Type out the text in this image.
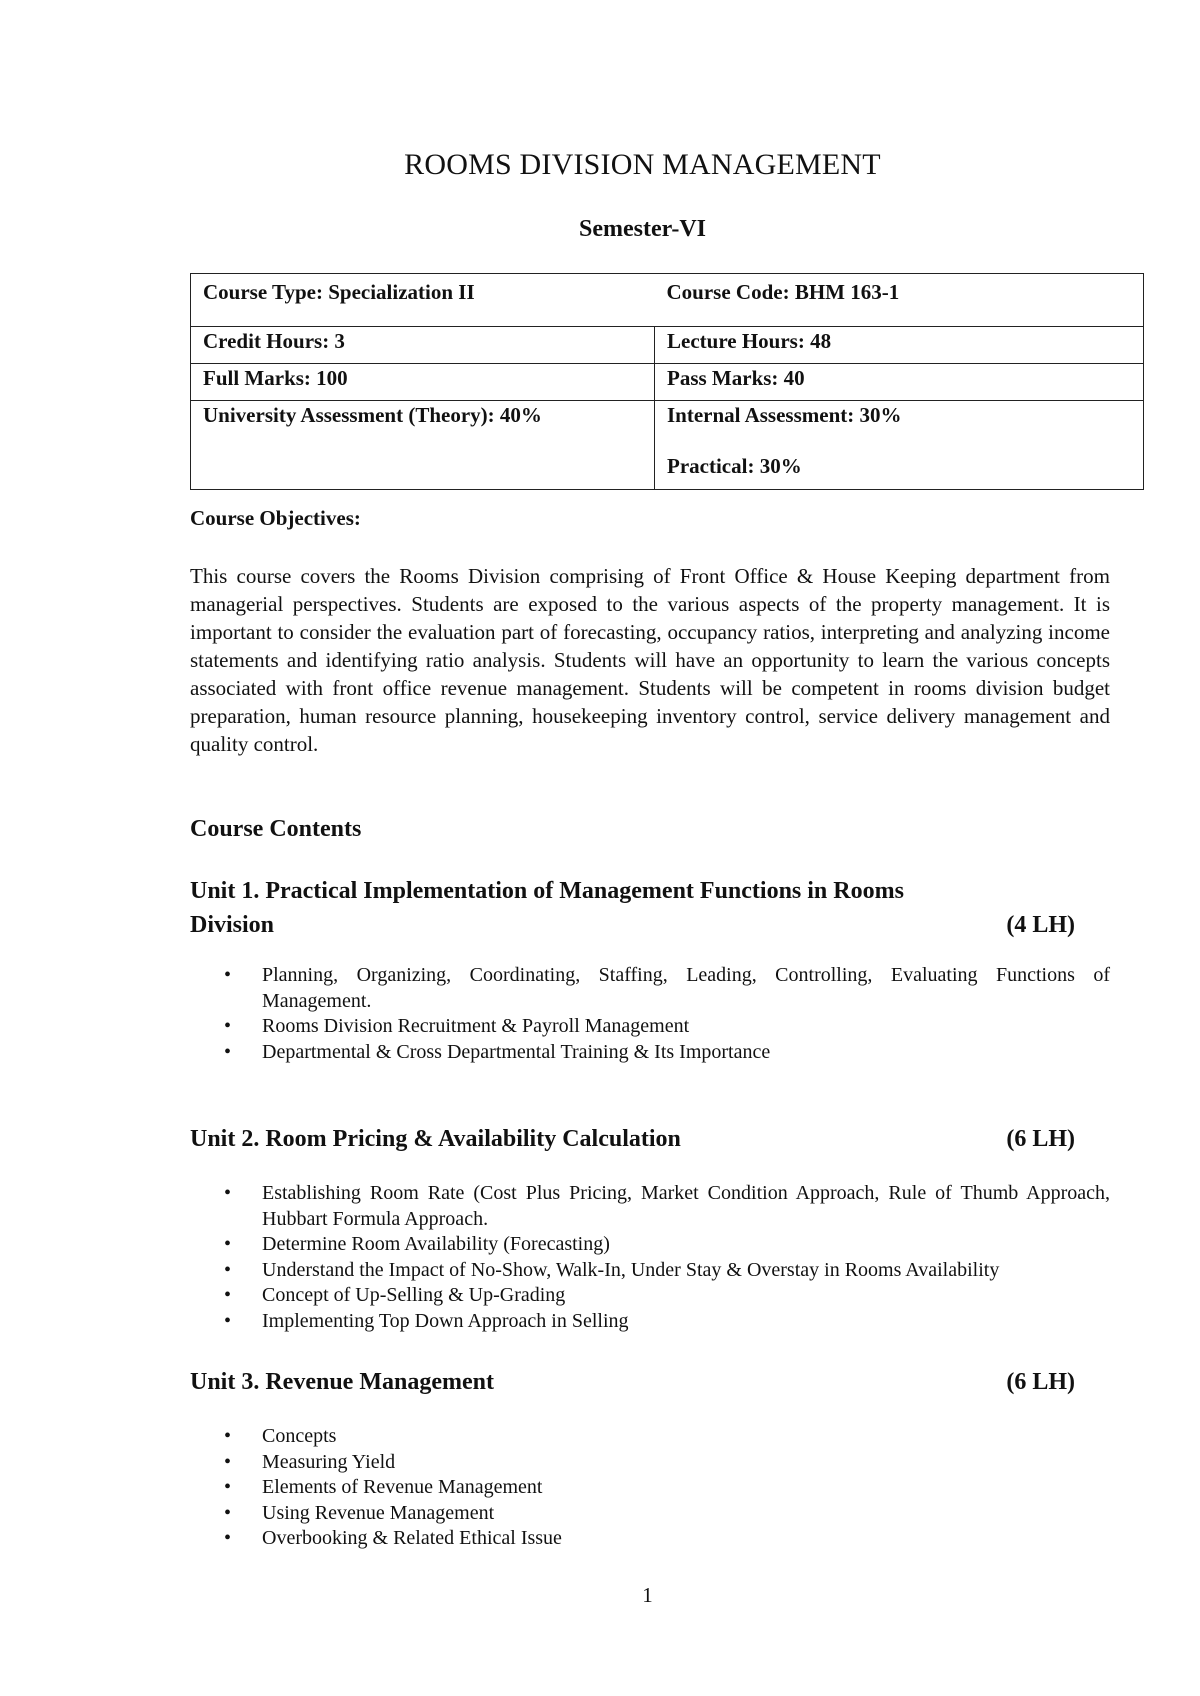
ROOMS DIVISION MANAGEMENT
Semester-VI
Course Type: Specialization II	Course Code: BHM 163-1
Credit Hours: 3	Lecture Hours: 48
Full Marks: 100	Pass Marks: 40
University Assessment (Theory): 40%	Internal Assessment: 30%
Practical: 30%
Course Objectives:
This course covers the Rooms Division comprising of Front Office & House Keeping department from managerial perspectives. Students are exposed to the various aspects of the property management. It is important to consider the evaluation part of forecasting, occupancy ratios, interpreting and analyzing income statements and identifying ratio analysis. Students will have an opportunity to learn the various concepts associated with front office revenue management. Students will be competent in rooms division budget preparation, human resource planning, housekeeping inventory control, service delivery management and quality control.
Course Contents
Unit 1. Practical Implementation of Management Functions in Rooms
Division	(4 LH)
• Planning, Organizing, Coordinating, Staffing, Leading, Controlling, Evaluating Functions of Management.
• Rooms Division Recruitment & Payroll Management
• Departmental & Cross Departmental Training & Its Importance
Unit 2. Room Pricing & Availability Calculation	(6 LH)
• Establishing Room Rate (Cost Plus Pricing, Market Condition Approach, Rule of Thumb Approach, Hubbart Formula Approach.
• Determine Room Availability (Forecasting)
• Understand the Impact of No-Show, Walk-In, Under Stay & Overstay in Rooms Availability
• Concept of Up-Selling & Up-Grading
• Implementing Top Down Approach in Selling
Unit 3. Revenue Management	(6 LH)
• Concepts
• Measuring Yield
• Elements of Revenue Management
• Using Revenue Management
• Overbooking & Related Ethical Issue
1
